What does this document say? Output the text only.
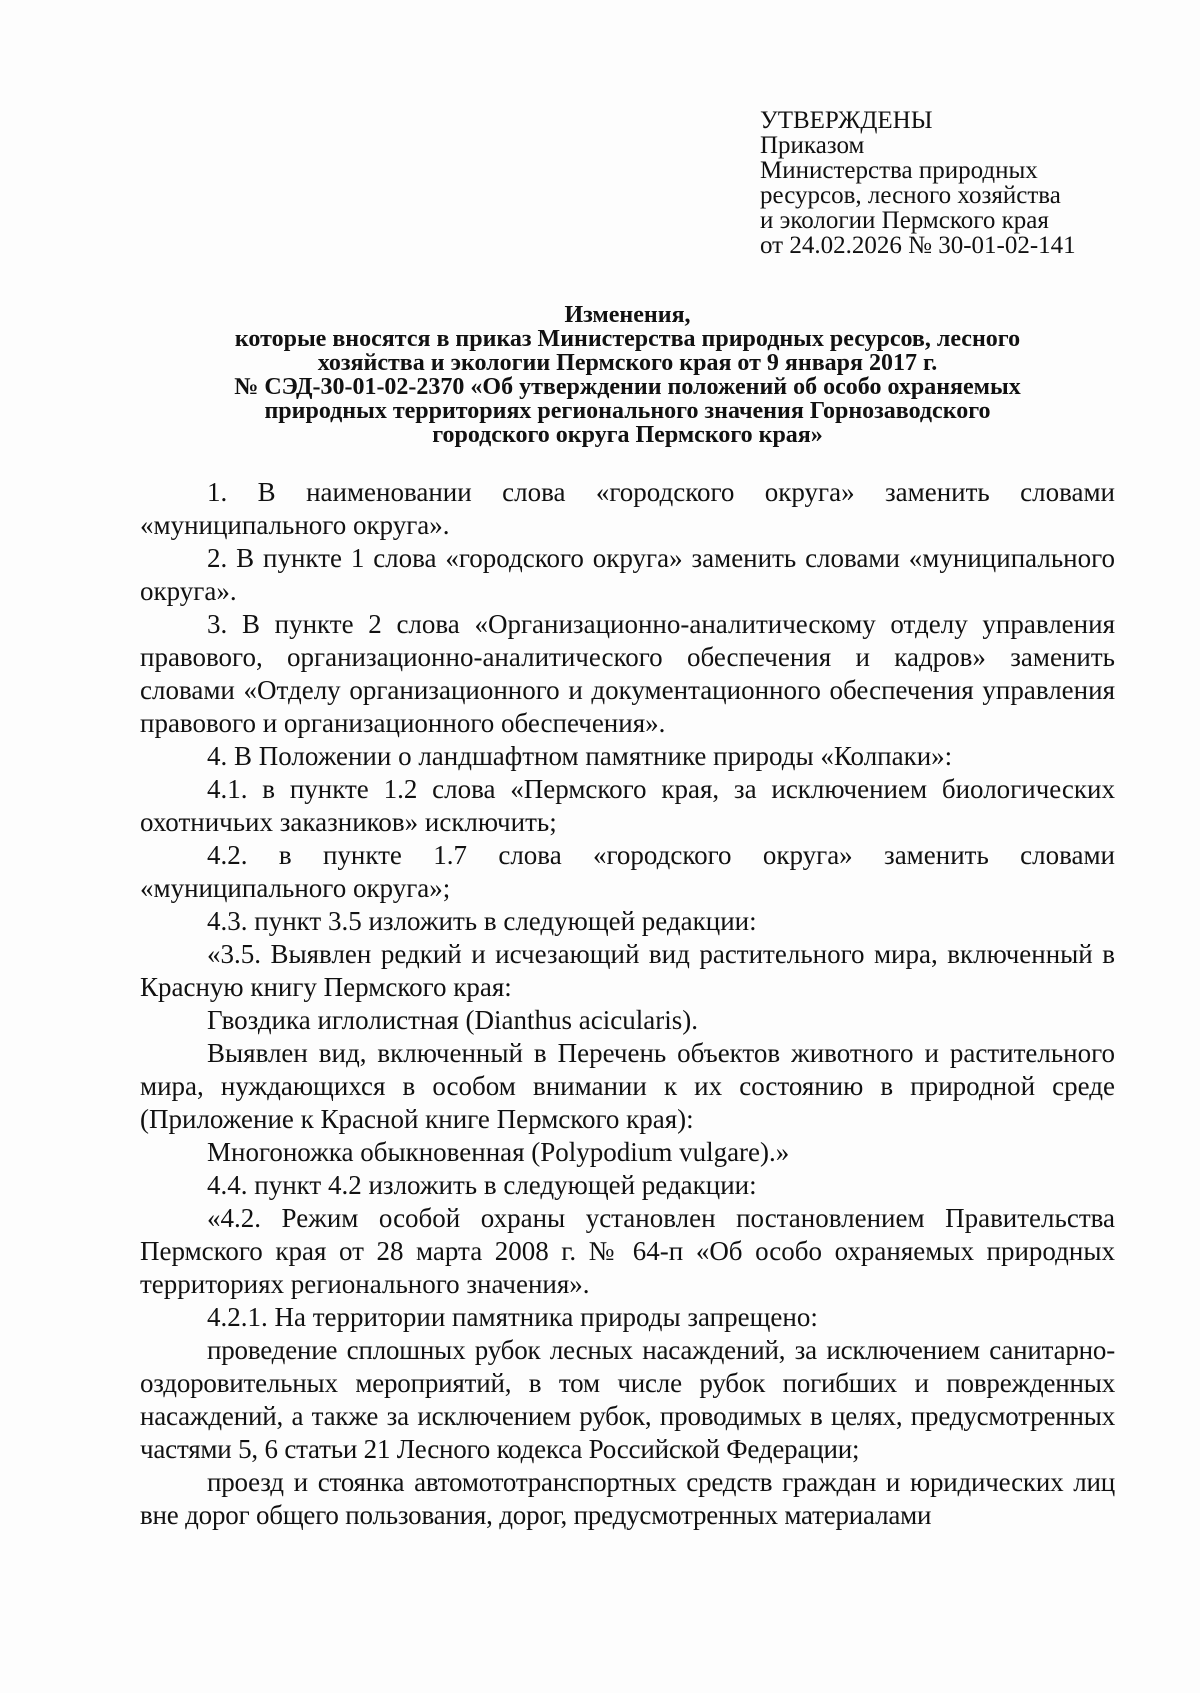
УТВЕРЖДЕНЫ
Приказом
Министерства природных
ресурсов, лесного хозяйства
и экологии Пермского края
от 24.02.2026 № 30-01-02-141
Изменения,
которые вносятся в приказ Министерства природных ресурсов, лесного
хозяйства и экологии Пермского края от 9 января 2017 г.
№ СЭД-30-01-02-2370 «Об утверждении положений об особо охраняемых
природных территориях регионального значения Горнозаводского
городского округа Пермского края»

1. В наименовании слова «городского округа» заменить словами «муниципального округа».

2. В пункте 1 слова «городского округа» заменить словами «муниципального округа».

3. В пункте 2 слова «Организационно-аналитическому отделу управления правового, организационно-аналитического обеспечения и кадров» заменить словами «Отделу организационного и документационного обеспечения управления правового и организационного обеспечения».

4. В Положении о ландшафтном памятнике природы «Колпаки»:

4.1. в пункте 1.2 слова «Пермского края, за исключением биологических охотничьих заказников» исключить;

4.2. в пункте 1.7 слова «городского округа» заменить словами «муниципального округа»;

4.3. пункт 3.5 изложить в следующей редакции:

«3.5. Выявлен редкий и исчезающий вид растительного мира, включенный в Красную книгу Пермского края:

Гвоздика иглолистная (Dianthus acicularis).

Выявлен вид, включенный в Перечень объектов животного и растительного мира, нуждающихся в особом внимании к их состоянию в природной среде (Приложение к Красной книге Пермского края):

Многоножка обыкновенная (Polypodium vulgare).»

4.4. пункт 4.2 изложить в следующей редакции:

«4.2. Режим особой охраны установлен постановлением Правительства Пермского края от 28 марта 2008 г. № 64-п «Об особо охраняемых природных территориях регионального значения».

4.2.1. На территории памятника природы запрещено:

проведение сплошных рубок лесных насаждений, за исключением санитарно-оздоровительных мероприятий, в том числе рубок погибших и поврежденных насаждений, а также за исключением рубок, проводимых в целях, предусмотренных частями 5, 6 статьи 21 Лесного кодекса Российской Федерации;

проезд и стоянка автомототранспортных средств граждан и юридических лиц вне дорог общего пользования, дорог, предусмотренных материалами
